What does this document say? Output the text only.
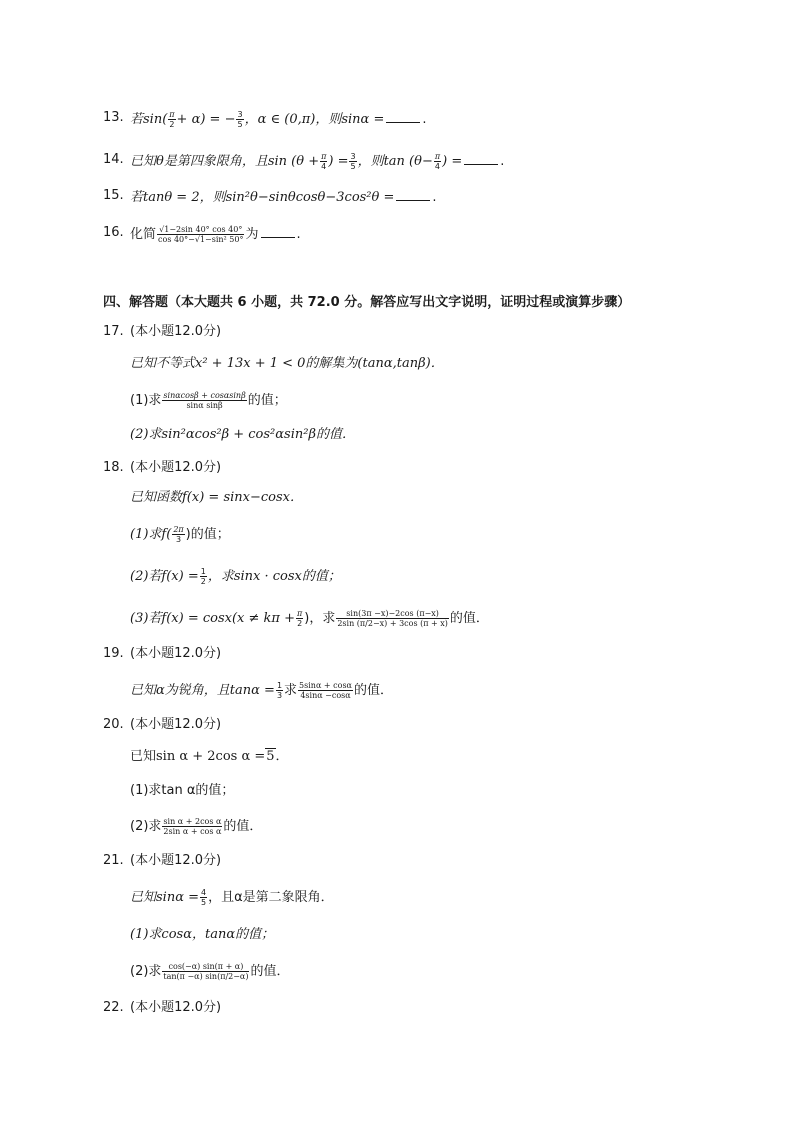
13. 若$\sin( \frac{\pi}{2} + \alpha)$ = − $\frac{3}{5}$ ，α ∈ (0,π)，则sinα =	.
14. 已知θ是第四象限角，且$\sin (\theta + \frac{\pi}{4}$ ) = $\frac{3}{5}$ ，则$\tan (\theta- \frac{\pi}{4}$ ) =	.
15. 若tanθ = 2，则sin²θ−sinθcosθ−3cos²θ =	.
16. 化简 $\frac{√1-2\sin 40^\circ \cos 40^\circ}{\text{cos 40°−√1−sin² 50°}}$ 为	.
四、解答题（本大题共 6 小题，共 72.0 分。解答应写出文字说明，证明过程或演算步骤）
17. (本小题12.0分)
已知不等式x² + 13x + 1 < 0的解集为(tanα,tanβ)．
(1)求 $\frac{\sin\alpha\cos\beta + \cos\alpha\sin\beta}{\text{sinα sinβ}}$ 的值；
(2)求sin²αcos²β + cos²αsin²β的值．
18. (本小题12.0分)
已知函数f(x) = sinx−cosx．
(1)求$f( \frac{2\pi}{3}$ )的值；
(2)若$f(x) = \frac{1}{2}$ ，求sinx · cosx的值；
(3)若$f(x) = \cos x(x \ne k\pi + \frac{\pi}{2}$ )，求 $\frac{\sin(3\pi -x)-2\cos (\pi-x)}{2\sin (\pi/2-x) + 3\cos (\pi + x)}$ 的值．
19. (本小题12.0分)
已知α为锐角，且$\tan\alpha = \frac{1}{3}$ 求 $\frac{5\sin\alpha + \cos\alpha}{4\sin\alpha -\cos\alpha}$ 的值．
20. (本小题12.0分)
已知sin α + 2cos α =5．
(1)求tan α的值；
(2)求 $\frac{\text{sin α + 2cos α}}{\text{2sin α + cos α}}$ 的值．
21. (本小题12.0分)
已知$\sin\alpha = \frac{4}{5}$ ，且α是第二象限角．
(1)求cosα，tanα的值；
(2)求 $\frac{\cos(-\alpha) \sin(\pi + \alpha)}{\tan(\pi -\alpha) \sin(\pi/2-\alpha)}$ 的值．
22. (本小题12.0分)
